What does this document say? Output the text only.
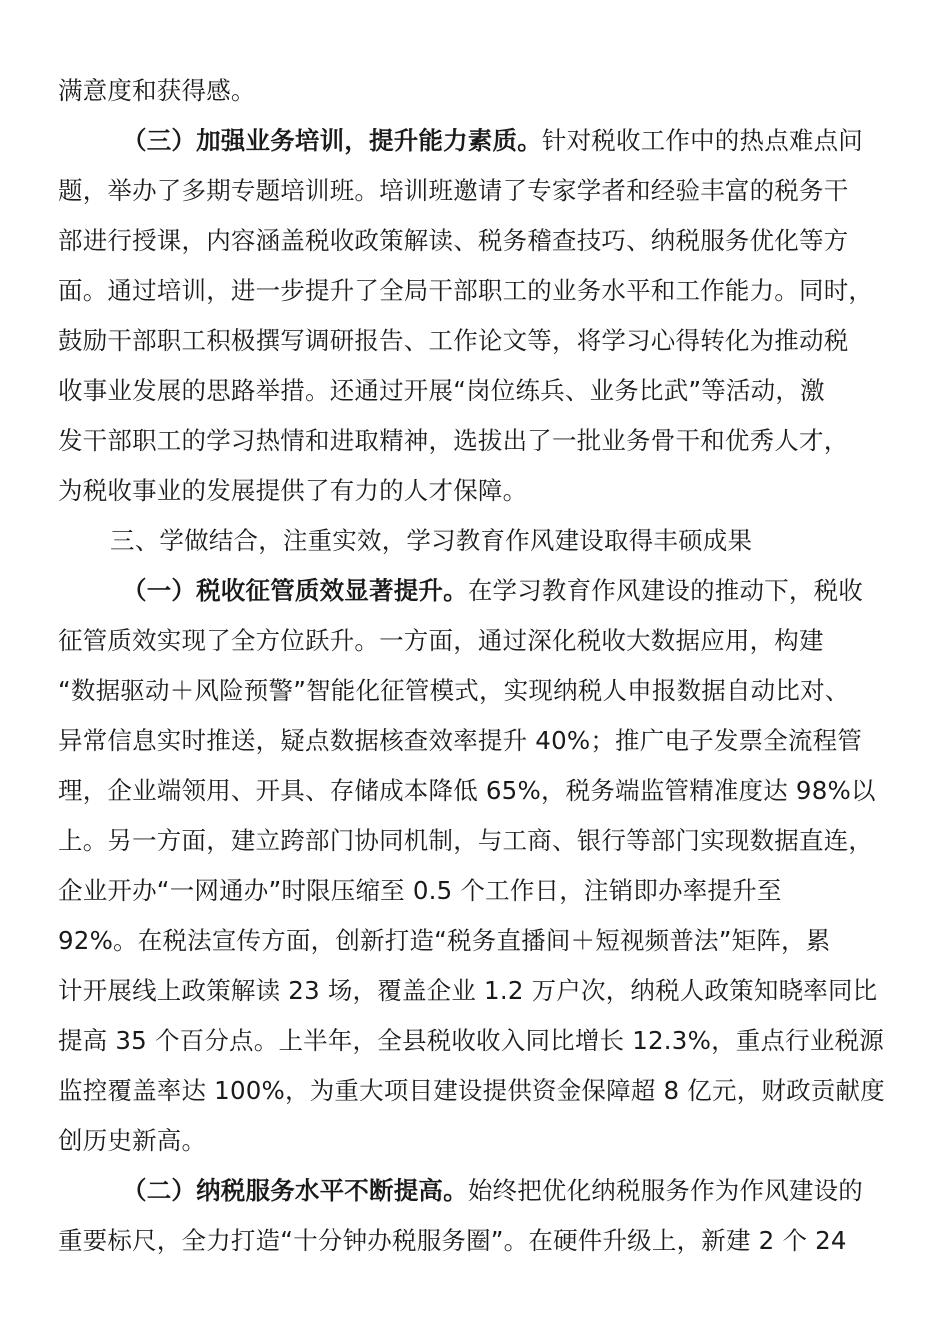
满意度和获得感。
（三）加强业务培训，提升能力素质。针对税收工作中的热点难点问
题，举办了多期专题培训班。培训班邀请了专家学者和经验丰富的税务干
部进行授课，内容涵盖税收政策解读、税务稽查技巧、纳税服务优化等方
面。通过培训，进一步提升了全局干部职工的业务水平和工作能力。同时，
鼓励干部职工积极撰写调研报告、工作论文等，将学习心得转化为推动税
收事业发展的思路举措。还通过开展“岗位练兵、业务比武”等活动，激
发干部职工的学习热情和进取精神，选拔出了一批业务骨干和优秀人才，
为税收事业的发展提供了有力的人才保障。
三、学做结合，注重实效，学习教育作风建设取得丰硕成果
（一）税收征管质效显著提升。在学习教育作风建设的推动下，税收
征管质效实现了全方位跃升。一方面，通过深化税收大数据应用，构建
“数据驱动＋风险预警”智能化征管模式，实现纳税人申报数据自动比对、
异常信息实时推送，疑点数据核查效率提升 40%；推广电子发票全流程管
理，企业端领用、开具、存储成本降低 65%，税务端监管精准度达 98%以
上。另一方面，建立跨部门协同机制，与工商、银行等部门实现数据直连，
企业开办“一网通办”时限压缩至 0.5 个工作日，注销即办率提升至
92%。在税法宣传方面，创新打造“税务直播间＋短视频普法”矩阵，累
计开展线上政策解读 23 场，覆盖企业 1.2 万户次，纳税人政策知晓率同比
提高 35 个百分点。上半年，全县税收收入同比增长 12.3%，重点行业税源
监控覆盖率达 100%，为重大项目建设提供资金保障超 8 亿元，财政贡献度
创历史新高。
（二）纳税服务水平不断提高。始终把优化纳税服务作为作风建设的
重要标尺，全力打造“十分钟办税服务圈”。在硬件升级上，新建 2 个 24
